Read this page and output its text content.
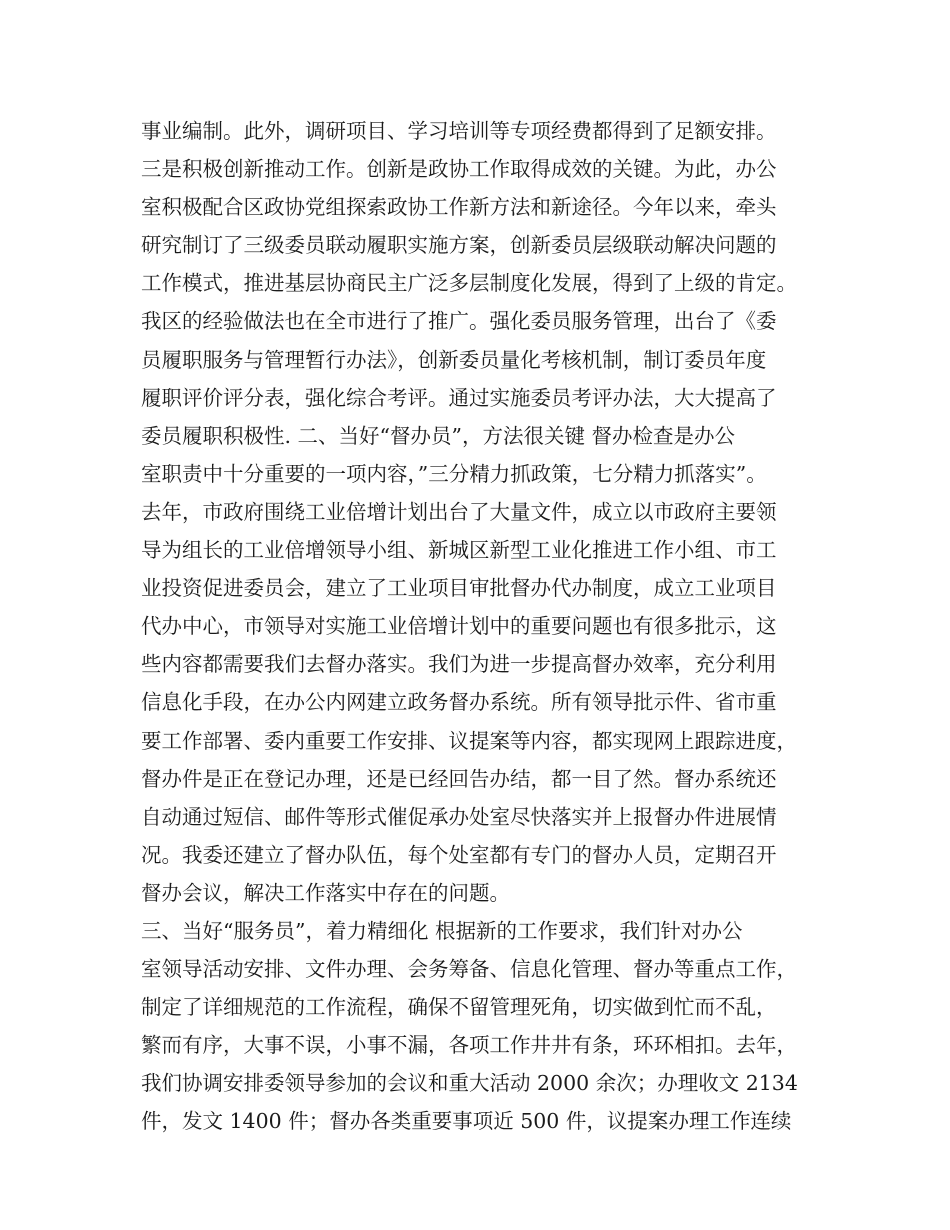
事业编制。此外，调研项目、学习培训等专项经费都得到了足额安排。
三是积极创新推动工作。创新是政协工作取得成效的关键。为此，办公
室积极配合区政协党组探索政协工作新方法和新途径。今年以来，牵头
研究制订了三级委员联动履职实施方案，创新委员层级联动解决问题的
工作模式，推进基层协商民主广泛多层制度化发展，得到了上级的肯定。
我区的经验做法也在全市进行了推广。强化委员服务管理，出台了《委
员履职服务与管理暂行办法》，创新委员量化考核机制，制订委员年度
履职评价评分表，强化综合考评。通过实施委员考评办法，大大提高了
委员履职积极性. 二、当好“督办员”，方法很关键 督办检查是办公
室职责中十分重要的一项内容，”三分精力抓政策，七分精力抓落实”。
去年，市政府围绕工业倍增计划出台了大量文件，成立以市政府主要领
导为组长的工业倍增领导小组、新城区新型工业化推进工作小组、市工
业投资促进委员会，建立了工业项目审批督办代办制度，成立工业项目
代办中心，市领导对实施工业倍增计划中的重要问题也有很多批示，这
些内容都需要我们去督办落实。我们为进一步提高督办效率，充分利用
信息化手段，在办公内网建立政务督办系统。所有领导批示件、省市重
要工作部署、委内重要工作安排、议提案等内容，都实现网上跟踪进度，
督办件是正在登记办理，还是已经回告办结，都一目了然。督办系统还
自动通过短信、邮件等形式催促承办处室尽快落实并上报督办件进展情
况。我委还建立了督办队伍，每个处室都有专门的督办人员，定期召开
督办会议，解决工作落实中存在的问题。
三、当好“服务员”，着力精细化 根据新的工作要求，我们针对办公
室领导活动安排、文件办理、会务筹备、信息化管理、督办等重点工作，
制定了详细规范的工作流程，确保不留管理死角，切实做到忙而不乱，
繁而有序，大事不误，小事不漏，各项工作井井有条，环环相扣。去年，
我们协调安排委领导参加的会议和重大活动 2000 余次；办理收文 2134
件，发文 1400 件；督办各类重要事项近 500 件，议提案办理工作连续
